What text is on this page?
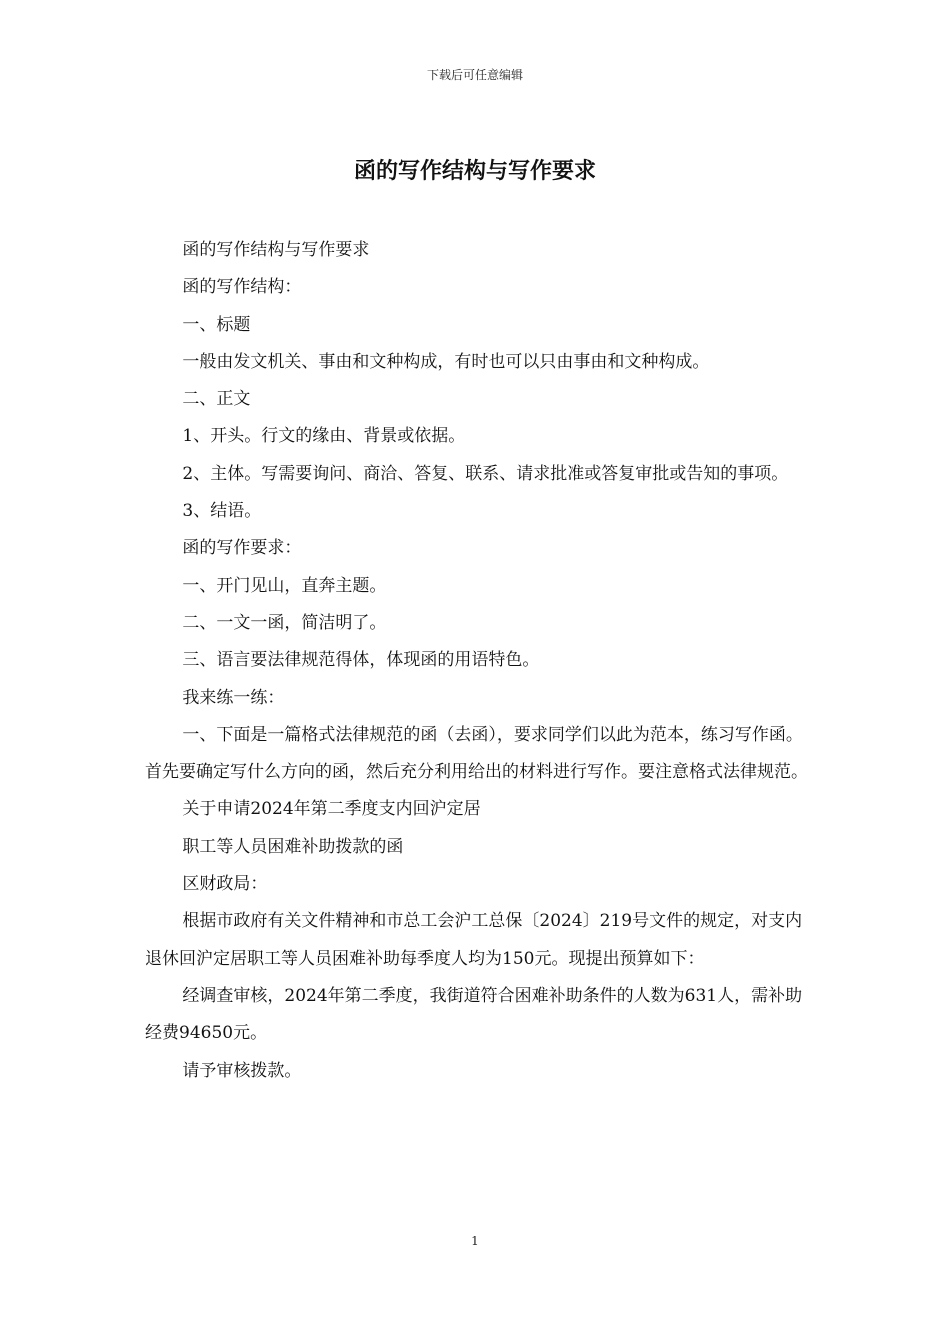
下载后可任意编辑
函的写作结构与写作要求

函的写作结构与写作要求

函的写作结构：

一、标题

一般由发文机关、事由和文种构成，有时也可以只由事由和文种构成。

二、正文

1、开头。行文的缘由、背景或依据。

2、主体。写需要询问、商洽、答复、联系、请求批准或答复审批或告知的事项。

3、结语。

函的写作要求：

一、开门见山，直奔主题。

二、一文一函，简洁明了。

三、语言要法律规范得体，体现函的用语特色。

我来练一练：

一、下面是一篇格式法律规范的函（去函），要求同学们以此为范本，练习写作函。首先要确定写什么方向的函，然后充分利用给出的材料进行写作。要注意格式法律规范。

关于申请2024年第二季度支内回沪定居

职工等人员困难补助拨款的函

区财政局：

根据市政府有关文件精神和市总工会沪工总保〔2024〕219号文件的规定，对支内退休回沪定居职工等人员困难补助每季度人均为150元。现提出预算如下：

经调查审核，2024年第二季度，我街道符合困难补助条件的人数为631人，需补助经费94650元。

请予审核拨款。

1
